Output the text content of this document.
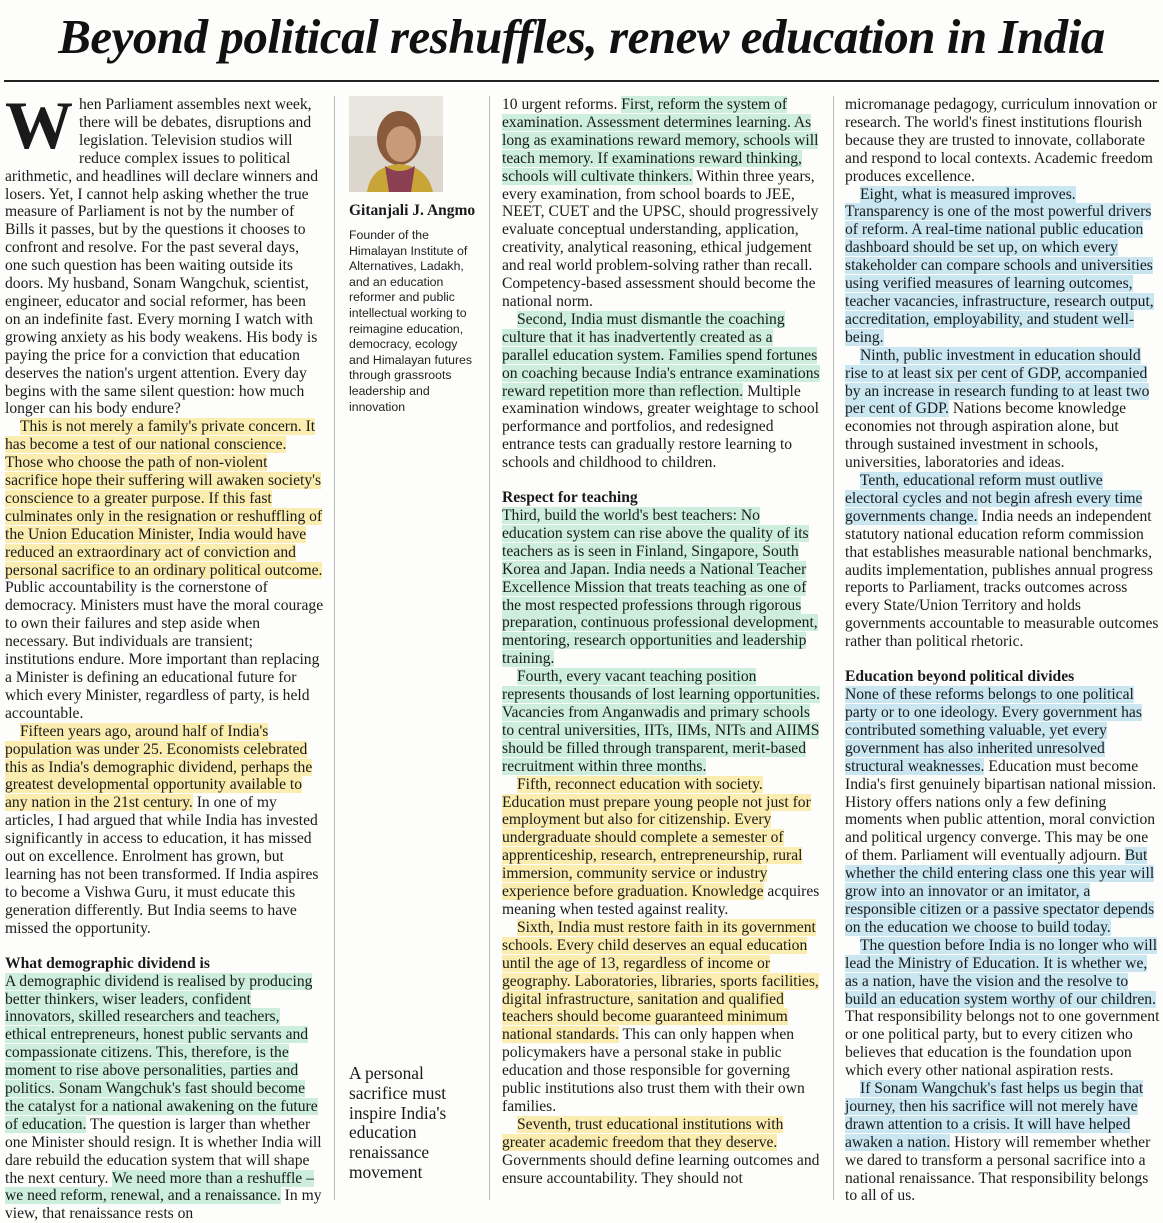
Beyond political reshuffles, renew education in India

When Parliament assembles next week, there will be debates, disruptions and legislation. Television studios will reduce complex issues to political arithmetic, and headlines will declare winners and losers. Yet, I cannot help asking whether the true measure of Parliament is not by the number of Bills it passes, but by the questions it chooses to confront and resolve. For the past several days, one such question has been waiting outside its doors. My husband, Sonam Wangchuk, scientist, engineer, educator and social reformer, has been on an indefinite fast. Every morning I watch with growing anxiety as his body weakens. His body is paying the price for a conviction that education deserves the nation's urgent attention. Every day begins with the same silent question: how much longer can his body endure?

This is not merely a family's private concern. It has become a test of our national conscience. Those who choose the path of non-violent sacrifice hope their suffering will awaken society's conscience to a greater purpose. If this fast culminates only in the resignation or reshuffling of the Union Education Minister, India would have reduced an extraordinary act of conviction and personal sacrifice to an ordinary political outcome. Public accountability is the cornerstone of democracy. Ministers must have the moral courage to own their failures and step aside when necessary. But individuals are transient; institutions endure. More important than replacing a Minister is defining an educational future for which every Minister, regardless of party, is held accountable.

Fifteen years ago, around half of India's population was under 25. Economists celebrated this as India's demographic dividend, perhaps the greatest developmental opportunity available to any nation in the 21st century. In one of my articles, I had argued that while India has invested significantly in access to education, it has missed out on excellence. Enrolment has grown, but learning has not been transformed. If India aspires to become a Vishwa Guru, it must educate this generation differently. But India seems to have missed the opportunity.

What demographic dividend is

A demographic dividend is realised by producing better thinkers, wiser leaders, confident innovators, skilled researchers and teachers, ethical entrepreneurs, honest public servants and compassionate citizens. This, therefore, is the moment to rise above personalities, parties and politics. Sonam Wangchuk's fast should become the catalyst for a national awakening on the future of education. The question is larger than whether one Minister should resign. It is whether India will dare rebuild the education system that will shape the next century. We need more than a reshuffle – we need reform, renewal, and a renaissance. In my view, that renaissance rests on

Gitanjali J. Angmo
Founder of the Himalayan Institute of Alternatives, Ladakh, and an education reformer and public intellectual working to reimagine education, democracy, ecology and Himalayan futures through grassroots leadership and innovation
A personal sacrifice must inspire India's education renaissance movement

10 urgent reforms. First, reform the system of examination. Assessment determines learning. As long as examinations reward memory, schools will teach memory. If examinations reward thinking, schools will cultivate thinkers. Within three years, every examination, from school boards to JEE, NEET, CUET and the UPSC, should progressively evaluate conceptual understanding, application, creativity, analytical reasoning, ethical judgement and real world problem-solving rather than recall. Competency-based assessment should become the national norm.

Second, India must dismantle the coaching culture that it has inadvertently created as a parallel education system. Families spend fortunes on coaching because India's entrance examinations reward repetition more than reflection. Multiple examination windows, greater weightage to school performance and portfolios, and redesigned entrance tests can gradually restore learning to schools and childhood to children.

Respect for teaching

Third, build the world's best teachers: No education system can rise above the quality of its teachers as is seen in Finland, Singapore, South Korea and Japan. India needs a National Teacher Excellence Mission that treats teaching as one of the most respected professions through rigorous preparation, continuous professional development, mentoring, research opportunities and leadership training.

Fourth, every vacant teaching position represents thousands of lost learning opportunities. Vacancies from Anganwadis and primary schools to central universities, IITs, IIMs, NITs and AIIMS should be filled through transparent, merit-based recruitment within three months.

Fifth, reconnect education with society. Education must prepare young people not just for employment but also for citizenship. Every undergraduate should complete a semester of apprenticeship, research, entrepreneurship, rural immersion, community service or industry experience before graduation. Knowledge acquires meaning when tested against reality.

Sixth, India must restore faith in its government schools. Every child deserves an equal education until the age of 13, regardless of income or geography. Laboratories, libraries, sports facilities, digital infrastructure, sanitation and qualified teachers should become guaranteed minimum national standards. This can only happen when policymakers have a personal stake in public education and those responsible for governing public institutions also trust them with their own families.

Seventh, trust educational institutions with greater academic freedom that they deserve. Governments should define learning outcomes and ensure accountability. They should not

micromanage pedagogy, curriculum innovation or research. The world's finest institutions flourish because they are trusted to innovate, collaborate and respond to local contexts. Academic freedom produces excellence.

Eight, what is measured improves. Transparency is one of the most powerful drivers of reform. A real-time national public education dashboard should be set up, on which every stakeholder can compare schools and universities using verified measures of learning outcomes, teacher vacancies, infrastructure, research output, accreditation, employability, and student well-being.

Ninth, public investment in education should rise to at least six per cent of GDP, accompanied by an increase in research funding to at least two per cent of GDP. Nations become knowledge economies not through aspiration alone, but through sustained investment in schools, universities, laboratories and ideas.

Tenth, educational reform must outlive electoral cycles and not begin afresh every time governments change. India needs an independent statutory national education reform commission that establishes measurable national benchmarks, audits implementation, publishes annual progress reports to Parliament, tracks outcomes across every State/Union Territory and holds governments accountable to measurable outcomes rather than political rhetoric.

Education beyond political divides

None of these reforms belongs to one political party or to one ideology. Every government has contributed something valuable, yet every government has also inherited unresolved structural weaknesses. Education must become India's first genuinely bipartisan national mission. History offers nations only a few defining moments when public attention, moral conviction and political urgency converge. This may be one of them. Parliament will eventually adjourn. But whether the child entering class one this year will grow into an innovator or an imitator, a responsible citizen or a passive spectator depends on the education we choose to build today.

The question before India is no longer who will lead the Ministry of Education. It is whether we, as a nation, have the vision and the resolve to build an education system worthy of our children. That responsibility belongs not to one government or one political party, but to every citizen who believes that education is the foundation upon which every other national aspiration rests.

If Sonam Wangchuk's fast helps us begin that journey, then his sacrifice will not merely have drawn attention to a crisis. It will have helped awaken a nation. History will remember whether we dared to transform a personal sacrifice into a national renaissance. That responsibility belongs to all of us.
